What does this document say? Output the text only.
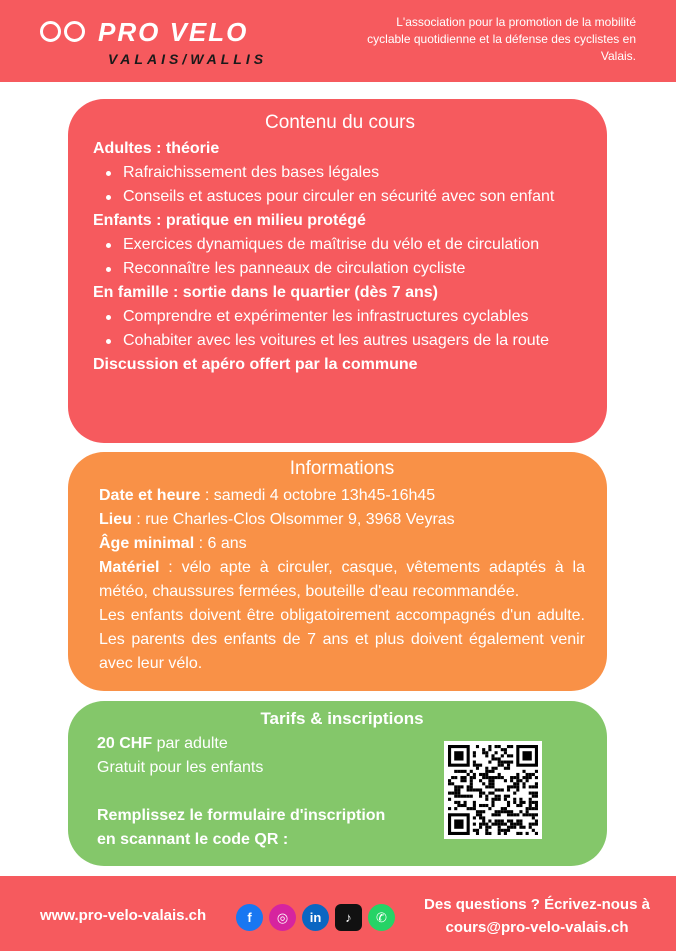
PRO VELO
VALAIS/WALLIS
L'association pour la promotion de la mobilité cyclable quotidienne et la défense des cyclistes en Valais.
Contenu du cours
Adultes : théorie
Rafraichissement des bases légales
Conseils et astuces pour circuler en sécurité avec son enfant
Enfants : pratique en milieu protégé
Exercices dynamiques de maîtrise du vélo et de circulation
Reconnaître les panneaux de circulation cycliste
En famille : sortie dans le quartier (dès 7 ans)
Comprendre et expérimenter les infrastructures cyclables
Cohabiter avec les voitures et les autres usagers de la route
Discussion et apéro offert par la commune
Informations
Date et heure : samedi 4 octobre 13h45-16h45
Lieu : rue Charles-Clos Olsommer 9, 3968 Veyras
Âge minimal : 6 ans
Matériel : vélo apte à circuler, casque, vêtements adaptés à la météo, chaussures fermées, bouteille d'eau recommandée.
Les enfants doivent être obligatoirement accompagnés d'un adulte. Les parents des enfants de 7 ans et plus doivent également venir avec leur vélo.
Tarifs & inscriptions
20 CHF par adulte
Gratuit pour les enfants
Remplissez le formulaire d'inscription
en scannant le code QR :
www.pro-velo-valais.ch	f ◎ in ♪ ✆
Des questions ? Écrivez-nous à
cours@pro-velo-valais.ch
